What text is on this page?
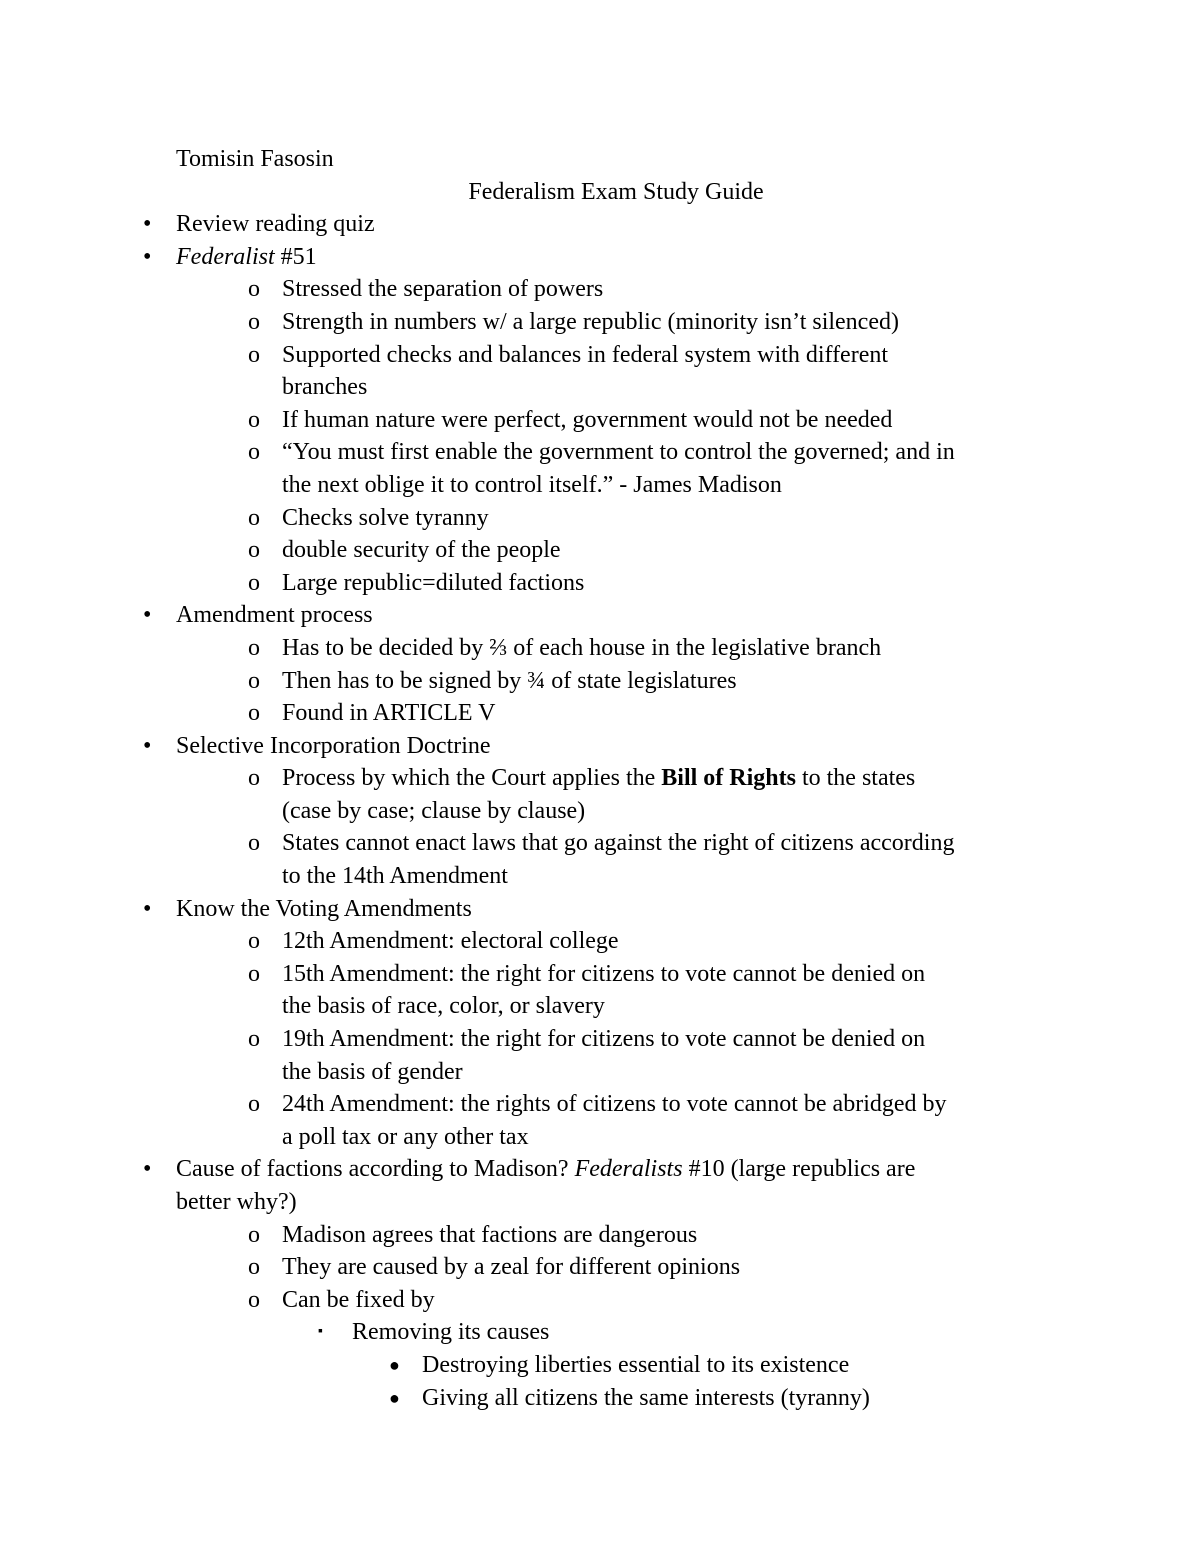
Tomisin Fasosin
Federalism Exam Study Guide
• Review reading quiz
• Federalist #51
o Stressed the separation of powers
o Strength in numbers w/ a large republic (minority isn’t silenced)
o Supported checks and balances in federal system with different
branches
o If human nature were perfect, government would not be needed
o “You must first enable the government to control the governed; and in
the next oblige it to control itself.” - James Madison
o Checks solve tyranny
o double security of the people
o Large republic=diluted factions
• Amendment process
o Has to be decided by ⅔ of each house in the legislative branch
o Then has to be signed by ¾ of state legislatures
o Found in ARTICLE V
• Selective Incorporation Doctrine
o Process by which the Court applies the Bill of Rights to the states
(case by case; clause by clause)
o States cannot enact laws that go against the right of citizens according
to the 14th Amendment
• Know the Voting Amendments
o 12th Amendment: electoral college
o 15th Amendment: the right for citizens to vote cannot be denied on
the basis of race, color, or slavery
o 19th Amendment: the right for citizens to vote cannot be denied on
the basis of gender
o 24th Amendment: the rights of citizens to vote cannot be abridged by
a poll tax or any other tax
• Cause of factions according to Madison? Federalists #10 (large republics are
better why?)
o Madison agrees that factions are dangerous
o They are caused by a zeal for different opinions
o Can be fixed by
▪ Removing its causes
● Destroying liberties essential to its existence
● Giving all citizens the same interests (tyranny)
